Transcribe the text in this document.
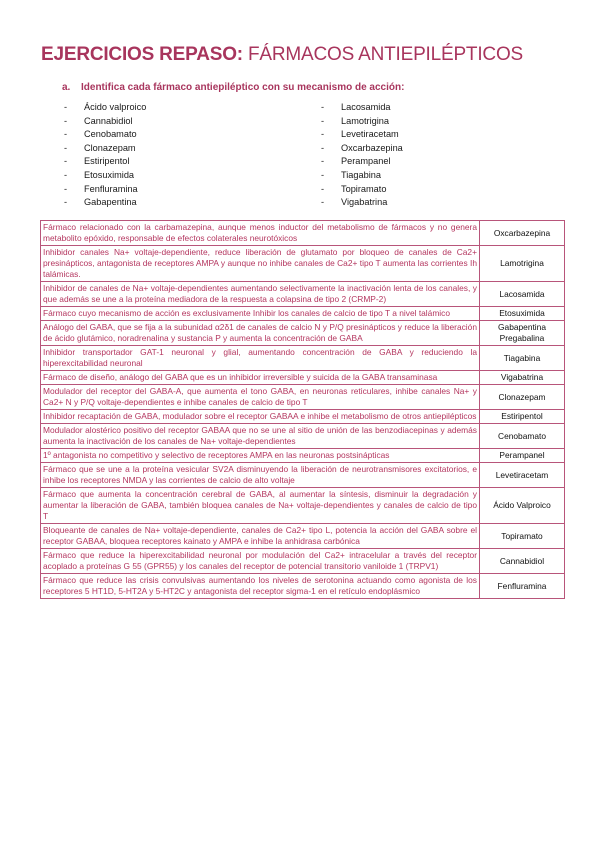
EJERCICIOS REPASO: FÁRMACOS ANTIEPILÉPTICOS
a. Identifica cada fármaco antiepiléptico con su mecanismo de acción:
- Ácido valproico
- Cannabidiol
- Cenobamato
- Clonazepam
- Estiripentol
- Etosuximida
- Fenfluramina
- Gabapentina
- Lacosamida
- Lamotrigina
- Levetiracetam
- Oxcarbazepina
- Perampanel
- Tiagabina
- Topiramato
- Vigabatrina
Fármaco relacionado con la carbamazepina, aunque menos inductor del metabolismo de fármacos y no genera metabolito epóxido, responsable de efectos colaterales neurotóxicos	Oxcarbazepina
Inhibidor canales Na+ voltaje-dependiente, reduce liberación de glutamato por bloqueo de canales de Ca2+ presinápticos, antagonista de receptores AMPA y aunque no inhibe canales de Ca2+ tipo T aumenta las corrientes Ih talámicas.	Lamotrigina
Inhibidor de canales de Na+ voltaje-dependientes aumentando selectivamente la inactivación lenta de los canales, y que además se une a la proteína mediadora de la respuesta a colapsina de tipo 2 (CRMP-2)	Lacosamida
Fármaco cuyo mecanismo de acción es exclusivamente Inhibir los canales de calcio de tipo T a nivel talámico	Etosuximida
Análogo del GABA, que se fija a la subunidad α2δ1 de canales de calcio N y P/Q presinápticos y reduce la liberación de ácido glutámico, noradrenalina y sustancia P y aumenta la concentración de GABA	Gabapentina Pregabalina
Inhibidor transportador GAT-1 neuronal y glial, aumentando concentración de GABA y reduciendo la hiperexcitabilidad neuronal	Tiagabina
Fármaco de diseño, análogo del GABA que es un inhibidor irreversible y suicida de la GABA transaminasa	Vigabatrina
Modulador del receptor del GABA-A, que aumenta el tono GABA, en neuronas reticulares, inhibe canales Na+ y Ca2+ N y P/Q voltaje-dependientes e inhibe canales de calcio de tipo T	Clonazepam
Inhibidor recaptación de GABA, modulador sobre el receptor GABAA e inhibe el metabolismo de otros antiepilépticos	Estiripentol
Modulador alostérico positivo del receptor GABAA que no se une al sitio de unión de las benzodiacepinas y además aumenta la inactivación de los canales de Na+ voltaje-dependientes	Cenobamato
1º antagonista no competitivo y selectivo de receptores AMPA en las neuronas postsinápticas	Perampanel
Fármaco que se une a la proteína vesicular SV2A disminuyendo la liberación de neurotransmisores excitatorios, e inhibe los receptores NMDA y las corrientes de calcio de alto voltaje	Levetiracetam
Fármaco que aumenta la concentración cerebral de GABA, al aumentar la síntesis, disminuir la degradación y aumentar la liberación de GABA, también bloquea canales de Na+ voltaje-dependientes y canales de calcio de tipo T	Ácido Valproico
Bloqueante de canales de Na+ voltaje-dependiente, canales de Ca2+ tipo L, potencia la acción del GABA sobre el receptor GABAA, bloquea receptores kainato y AMPA e inhibe la anhidrasa carbónica	Topiramato
Fármaco que reduce la hiperexcitabilidad neuronal por modulación del Ca2+ intracelular a través del receptor acoplado a proteínas G 55 (GPR55) y los canales del receptor de potencial transitorio vaniloide 1 (TRPV1)	Cannabidiol
Fármaco que reduce las crisis convulsivas aumentando los niveles de serotonina actuando como agonista de los receptores 5 HT1D, 5-HT2A y 5-HT2C y antagonista del receptor sigma-1 en el retículo endoplásmico	Fenfluramina
